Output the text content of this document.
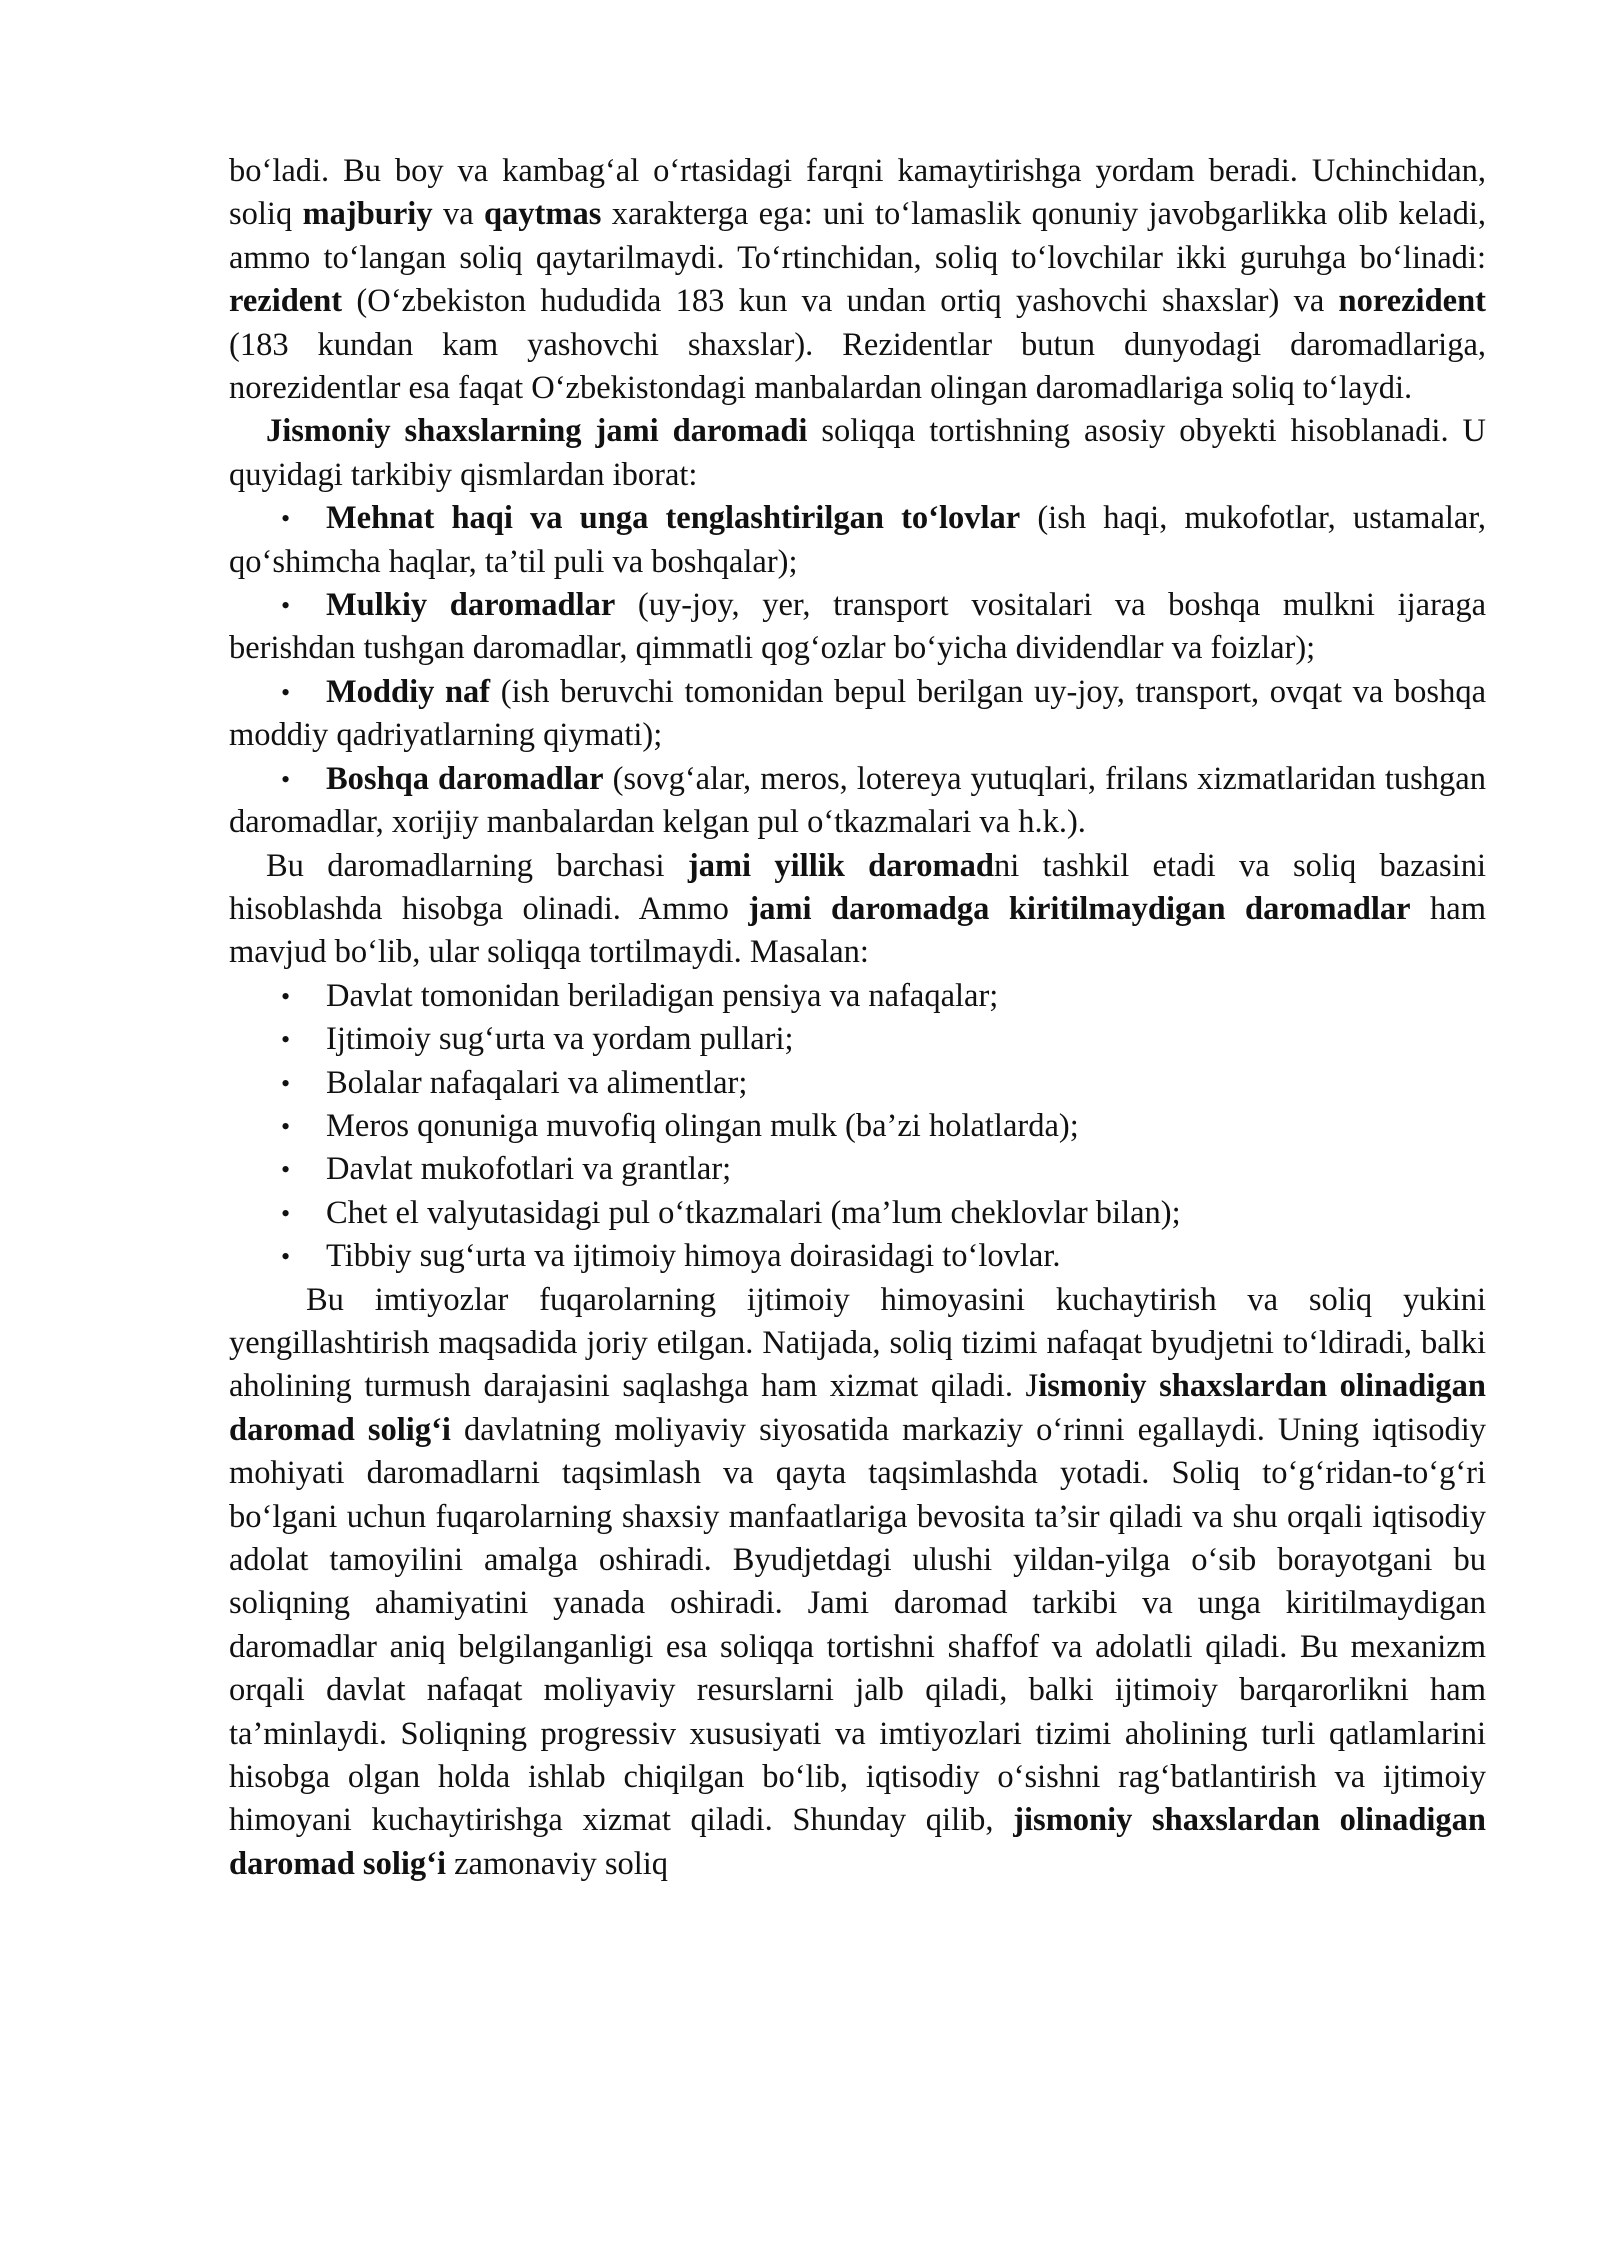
bo‘ladi. Bu boy va kambag‘al o‘rtasidagi farqni kamaytirishga yordam beradi. Uchinchidan, soliq majburiy va qaytmas xarakterga ega: uni to‘lamaslik qonuniy javobgarlikka olib keladi, ammo to‘langan soliq qaytarilmaydi. To‘rtinchidan, soliq to‘lovchilar ikki guruhga bo‘linadi: rezident (O‘zbekiston hududida 183 kun va undan ortiq yashovchi shaxslar) va norezident (183 kundan kam yashovchi shaxslar). Rezidentlar butun dunyodagi daromadlariga, norezidentlar esa faqat O‘zbekistondagi manbalardan olingan daromadlariga soliq to‘laydi.

Jismoniy shaxslarning jami daromadi soliqqa tortishning asosiy obyekti hisoblanadi. U quyidagi tarkibiy qismlardan iborat:

• Mehnat haqi va unga tenglashtirilgan to‘lovlar (ish haqi, mukofotlar, ustamalar, qo‘shimcha haqlar, ta’til puli va boshqalar);
• Mulkiy daromadlar (uy-joy, yer, transport vositalari va boshqa mulkni ijaraga berishdan tushgan daromadlar, qimmatli qog‘ozlar bo‘yicha dividendlar va foizlar);
• Moddiy naf (ish beruvchi tomonidan bepul berilgan uy-joy, transport, ovqat va boshqa moddiy qadriyatlarning qiymati);
• Boshqa daromadlar (sovg‘alar, meros, lotereya yutuqlari, frilans xizmatlaridan tushgan daromadlar, xorijiy manbalardan kelgan pul o‘tkazmalari va h.k.).

Bu daromadlarning barchasi jami yillik daromadni tashkil etadi va soliq bazasini hisoblashda hisobga olinadi. Ammo jami daromadga kiritilmaydigan daromadlar ham mavjud bo‘lib, ular soliqqa tortilmaydi. Masalan:

• Davlat tomonidan beriladigan pensiya va nafaqalar;
• Ijtimoiy sug‘urta va yordam pullari;
• Bolalar nafaqalari va alimentlar;
• Meros qonuniga muvofiq olingan mulk (ba’zi holatlarda);
• Davlat mukofotlari va grantlar;
• Chet el valyutasidagi pul o‘tkazmalari (ma’lum cheklovlar bilan);
• Tibbiy sug‘urta va ijtimoiy himoya doirasidagi to‘lovlar.

Bu imtiyozlar fuqarolarning ijtimoiy himoyasini kuchaytirish va soliq yukini yengillashtirish maqsadida joriy etilgan. Natijada, soliq tizimi nafaqat byudjetni to‘ldiradi, balki aholining turmush darajasini saqlashga ham xizmat qiladi. Jismoniy shaxslardan olinadigan daromad solig‘i davlatning moliyaviy siyosatida markaziy o‘rinni egallaydi. Uning iqtisodiy mohiyati daromadlarni taqsimlash va qayta taqsimlashda yotadi. Soliq to‘g‘ridan-to‘g‘ri bo‘lgani uchun fuqarolarning shaxsiy manfaatlariga bevosita ta’sir qiladi va shu orqali iqtisodiy adolat tamoyilini amalga oshiradi. Byudjetdagi ulushi yildan-yilga o‘sib borayotgani bu soliqning ahamiyatini yanada oshiradi. Jami daromad tarkibi va unga kiritilmaydigan daromadlar aniq belgilanganligi esa soliqqa tortishni shaffof va adolatli qiladi. Bu mexanizm orqali davlat nafaqat moliyaviy resurslarni jalb qiladi, balki ijtimoiy barqarorlikni ham ta’minlaydi. Soliqning progressiv xususiyati va imtiyozlari tizimi aholining turli qatlamlarini hisobga olgan holda ishlab chiqilgan bo‘lib, iqtisodiy o‘sishni rag‘batlantirish va ijtimoiy himoyani kuchaytirishga xizmat qiladi. Shunday qilib, jismoniy shaxslardan olinadigan daromad solig‘i zamonaviy soliq
